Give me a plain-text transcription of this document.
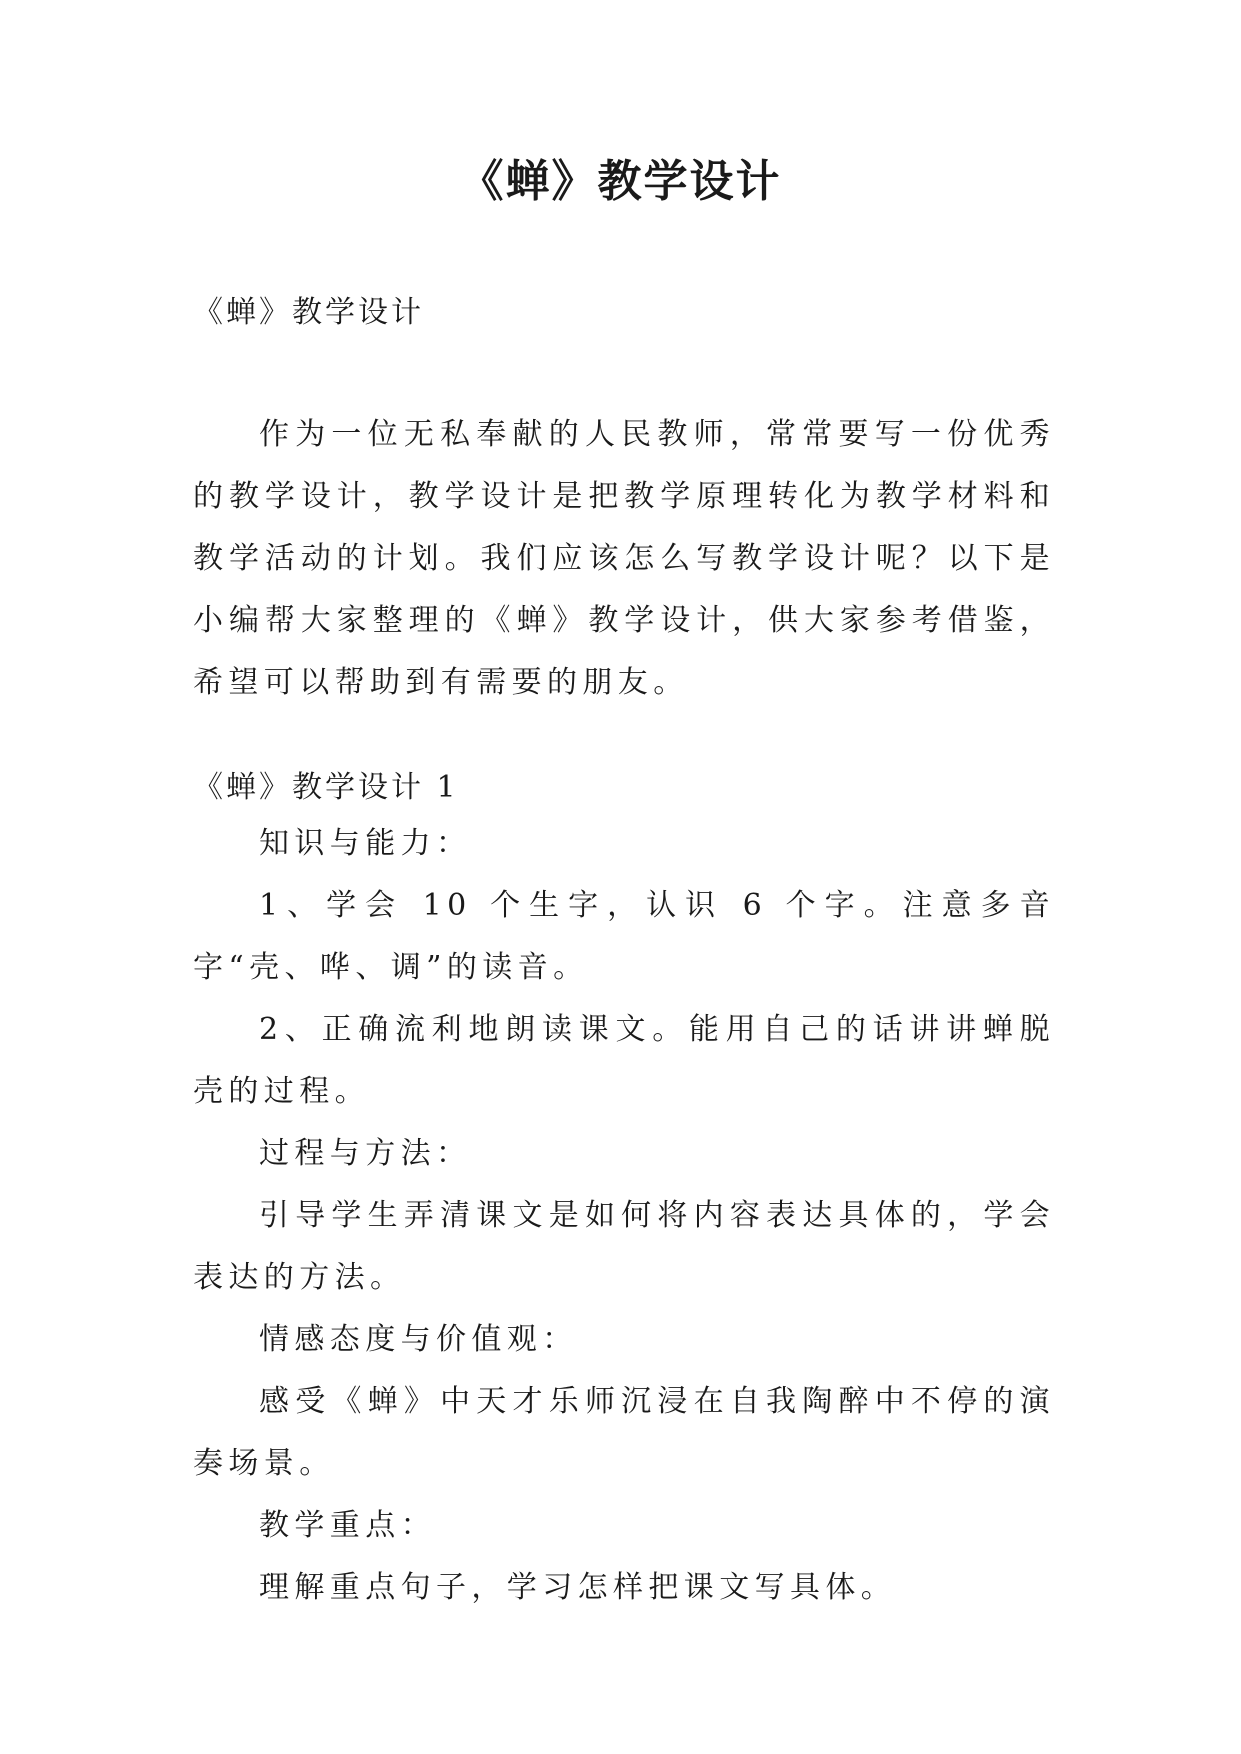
《蝉》教学设计
《蝉》教学设计

作为一位无私奉献的人民教师，常常要写一份优秀的教学设计，教学设计是把教学原理转化为教学材料和教学活动的计划。我们应该怎么写教学设计呢？以下是小编帮大家整理的《蝉》教学设计，供大家参考借鉴，希望可以帮助到有需要的朋友。

《蝉》教学设计 1

知识与能力：

1、学会 10 个生字，认识 6 个字。注意多音字“壳、哗、调”的读音。

2、正确流利地朗读课文。能用自己的话讲讲蝉脱壳的过程。

过程与方法：

引导学生弄清课文是如何将内容表达具体的，学会表达的方法。

情感态度与价值观：

感受《蝉》中天才乐师沉浸在自我陶醉中不停的演奏场景。

教学重点：

理解重点句子，学习怎样把课文写具体。
